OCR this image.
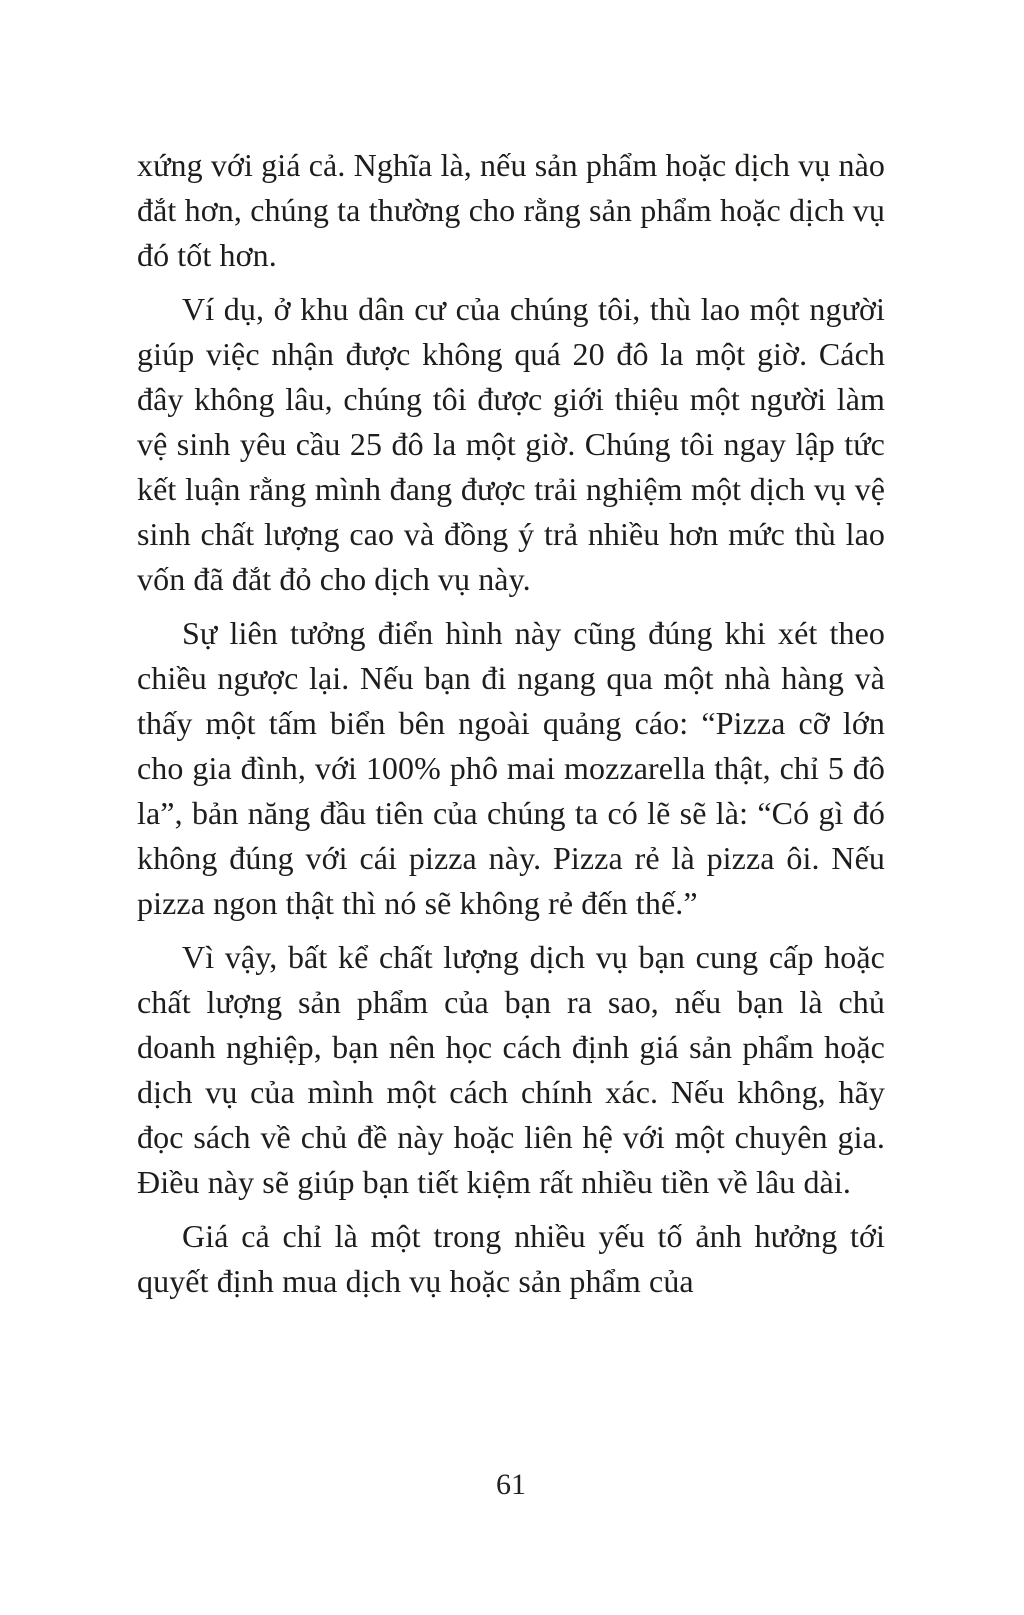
xứng với giá cả. Nghĩa là, nếu sản phẩm hoặc dịch vụ nào đắt hơn, chúng ta thường cho rằng sản phẩm hoặc dịch vụ đó tốt hơn.

Ví dụ, ở khu dân cư của chúng tôi, thù lao một người giúp việc nhận được không quá 20 đô la một giờ. Cách đây không lâu, chúng tôi được giới thiệu một người làm vệ sinh yêu cầu 25 đô la một giờ. Chúng tôi ngay lập tức kết luận rằng mình đang được trải nghiệm một dịch vụ vệ sinh chất lượng cao và đồng ý trả nhiều hơn mức thù lao vốn đã đắt đỏ cho dịch vụ này.

Sự liên tưởng điển hình này cũng đúng khi xét theo chiều ngược lại. Nếu bạn đi ngang qua một nhà hàng và thấy một tấm biển bên ngoài quảng cáo: “Pizza cỡ lớn cho gia đình, với 100% phô mai mozzarella thật, chỉ 5 đô la”, bản năng đầu tiên của chúng ta có lẽ sẽ là: “Có gì đó không đúng với cái pizza này. Pizza rẻ là pizza ôi. Nếu pizza ngon thật thì nó sẽ không rẻ đến thế.”

Vì vậy, bất kể chất lượng dịch vụ bạn cung cấp hoặc chất lượng sản phẩm của bạn ra sao, nếu bạn là chủ doanh nghiệp, bạn nên học cách định giá sản phẩm hoặc dịch vụ của mình một cách chính xác. Nếu không, hãy đọc sách về chủ đề này hoặc liên hệ với một chuyên gia. Điều này sẽ giúp bạn tiết kiệm rất nhiều tiền về lâu dài.

Giá cả chỉ là một trong nhiều yếu tố ảnh hưởng tới quyết định mua dịch vụ hoặc sản phẩm của

61
